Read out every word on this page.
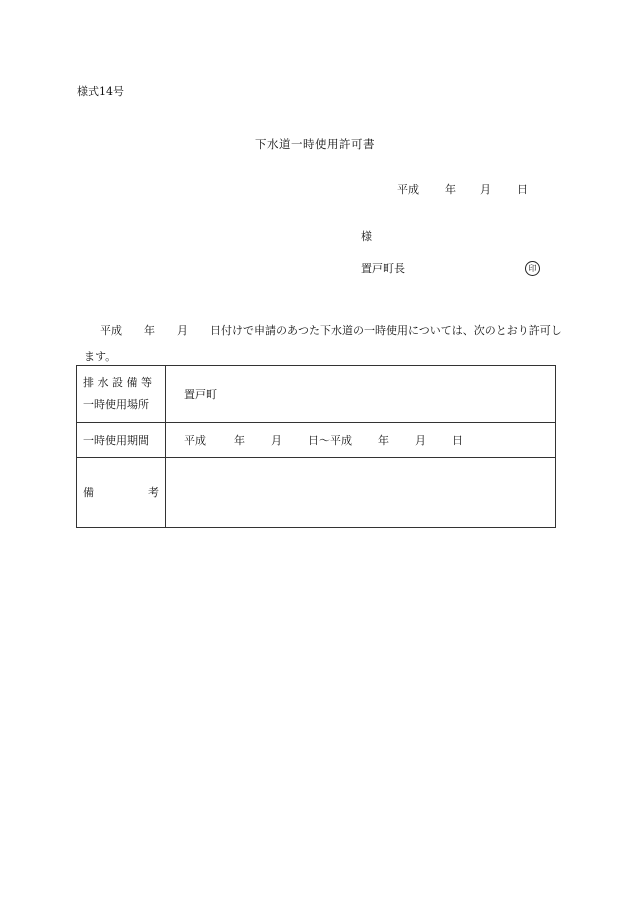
様式14号
下水道一時使用許可書
平成 年 月 日
様
置戸町長	印
平成　　年　　月　　日付けで申請のあつた下水道の一時使用については、次のとおり許可します。
排 水 設 備 等
一時使用場所	置戸町
一時使用期間	平成 年 月 日～平成 年 月 日

備 考	
